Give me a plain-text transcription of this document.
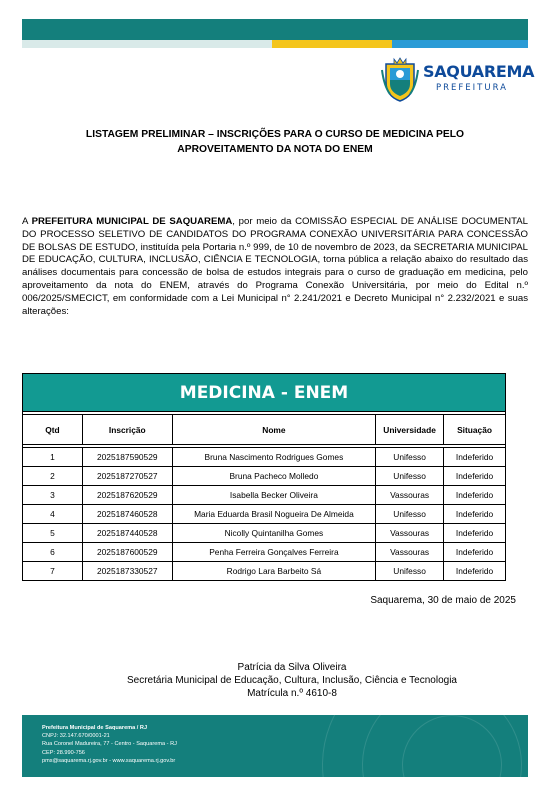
SAQUAREMA
PREFEITURA
LISTAGEM PRELIMINAR – INSCRIÇÕES PARA O CURSO DE MEDICINA PELO
APROVEITAMENTO DA NOTA DO ENEM

A PREFEITURA MUNICIPAL DE SAQUAREMA, por meio da COMISSÃO ESPECIAL DE ANÁLISE DOCUMENTAL DO PROCESSO SELETIVO DE CANDIDATOS DO PROGRAMA CONEXÃO UNIVERSITÁRIA PARA CONCESSÃO DE BOLSAS DE ESTUDO, instituída pela Portaria n.º 999, de 10 de novembro de 2023, da SECRETARIA MUNICIPAL DE EDUCAÇÃO, CULTURA, INCLUSÃO, CIÊNCIA E TECNOLOGIA, torna pública a relação abaixo do resultado das análises documentais para concessão de bolsa de estudos integrais para o curso de graduação em medicina, pelo aproveitamento da nota do ENEM, através do Programa Conexão Universitária, por meio do Edital n.º 006/2025/SMECICT, em conformidade com a Lei Municipal n° 2.241/2021 e Decreto Municipal n° 2.232/2021 e suas alterações:

MEDICINA - ENEM				

Qtd	Inscrição	Nome	Universidade	Situação

1	2025187590529	Bruna Nascimento Rodrigues Gomes	Unifesso	Indeferido
2	2025187270527	Bruna Pacheco Molledo	Unifesso	Indeferido
3	2025187620529	Isabella Becker Oliveira	Vassouras	Indeferido
4	2025187460528	Maria Eduarda Brasil Nogueira De Almeida	Unifesso	Indeferido
5	2025187440528	Nicolly Quintanilha Gomes	Vassouras	Indeferido
6	2025187600529	Penha Ferreira Gonçalves Ferreira	Vassouras	Indeferido
7	2025187330527	Rodrigo Lara Barbeito Sá	Unifesso	Indeferido
Saquarema, 30 de maio de 2025
Patrícia da Silva Oliveira
Secretária Municipal de Educação, Cultura, Inclusão, Ciência e Tecnologia
Matrícula n.º 4610-8
Prefeitura Municipal de Saquarema / RJ
CNPJ: 32.147.670/0001-21
Rua Coronel Madureira, 77 - Centro - Saquarema - RJ
CEP: 28.990-756
pms@saquarema.rj.gov.br - www.saquarema.rj.gov.br
